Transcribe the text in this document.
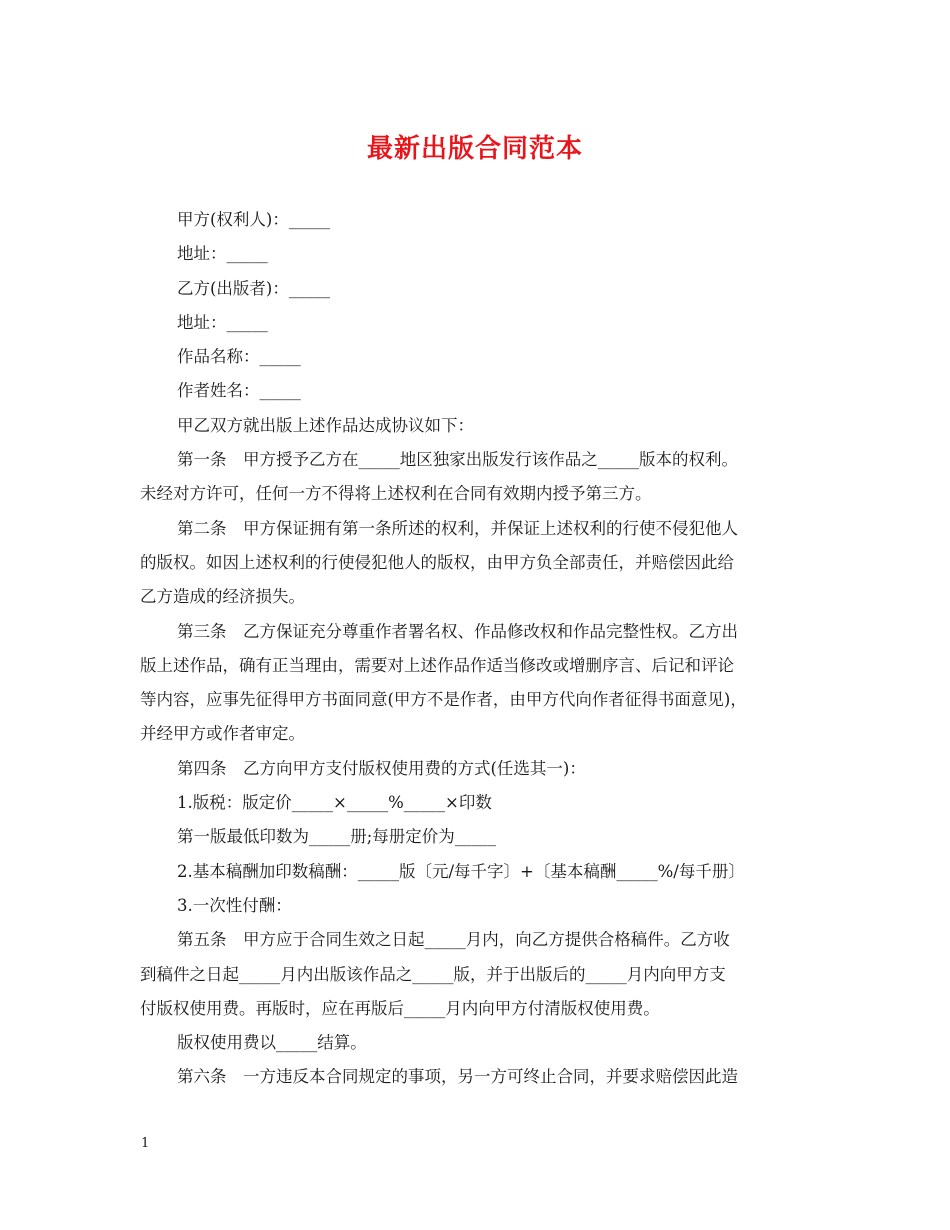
最新出版合同范本
甲方(权利人)：_____
地址：_____
乙方(出版者)：_____
地址：_____
作品名称：_____
作者姓名：_____
甲乙双方就出版上述作品达成协议如下：
第一条　甲方授予乙方在_____地区独家出版发行该作品之_____版本的权利。
未经对方许可，任何一方不得将上述权利在合同有效期内授予第三方。
第二条　甲方保证拥有第一条所述的权利，并保证上述权利的行使不侵犯他人
的版权。如因上述权利的行使侵犯他人的版权，由甲方负全部责任，并赔偿因此给
乙方造成的经济损失。
第三条　乙方保证充分尊重作者署名权、作品修改权和作品完整性权。乙方出
版上述作品，确有正当理由，需要对上述作品作适当修改或增删序言、后记和评论
等内容，应事先征得甲方书面同意(甲方不是作者，由甲方代向作者征得书面意见)，
并经甲方或作者审定。
第四条　乙方向甲方支付版权使用费的方式(任选其一)：
1.版税：版定价_____×_____%_____×印数
第一版最低印数为_____册;每册定价为_____
2.基本稿酬加印数稿酬：_____版〔元/每千字〕+〔基本稿酬_____%/每千册〕
3.一次性付酬：
第五条　甲方应于合同生效之日起_____月内，向乙方提供合格稿件。乙方收
到稿件之日起_____月内出版该作品之_____版，并于出版后的_____月内向甲方支
付版权使用费。再版时，应在再版后_____月内向甲方付清版权使用费。
版权使用费以_____结算。
第六条　一方违反本合同规定的事项，另一方可终止合同，并要求赔偿因此造
1
